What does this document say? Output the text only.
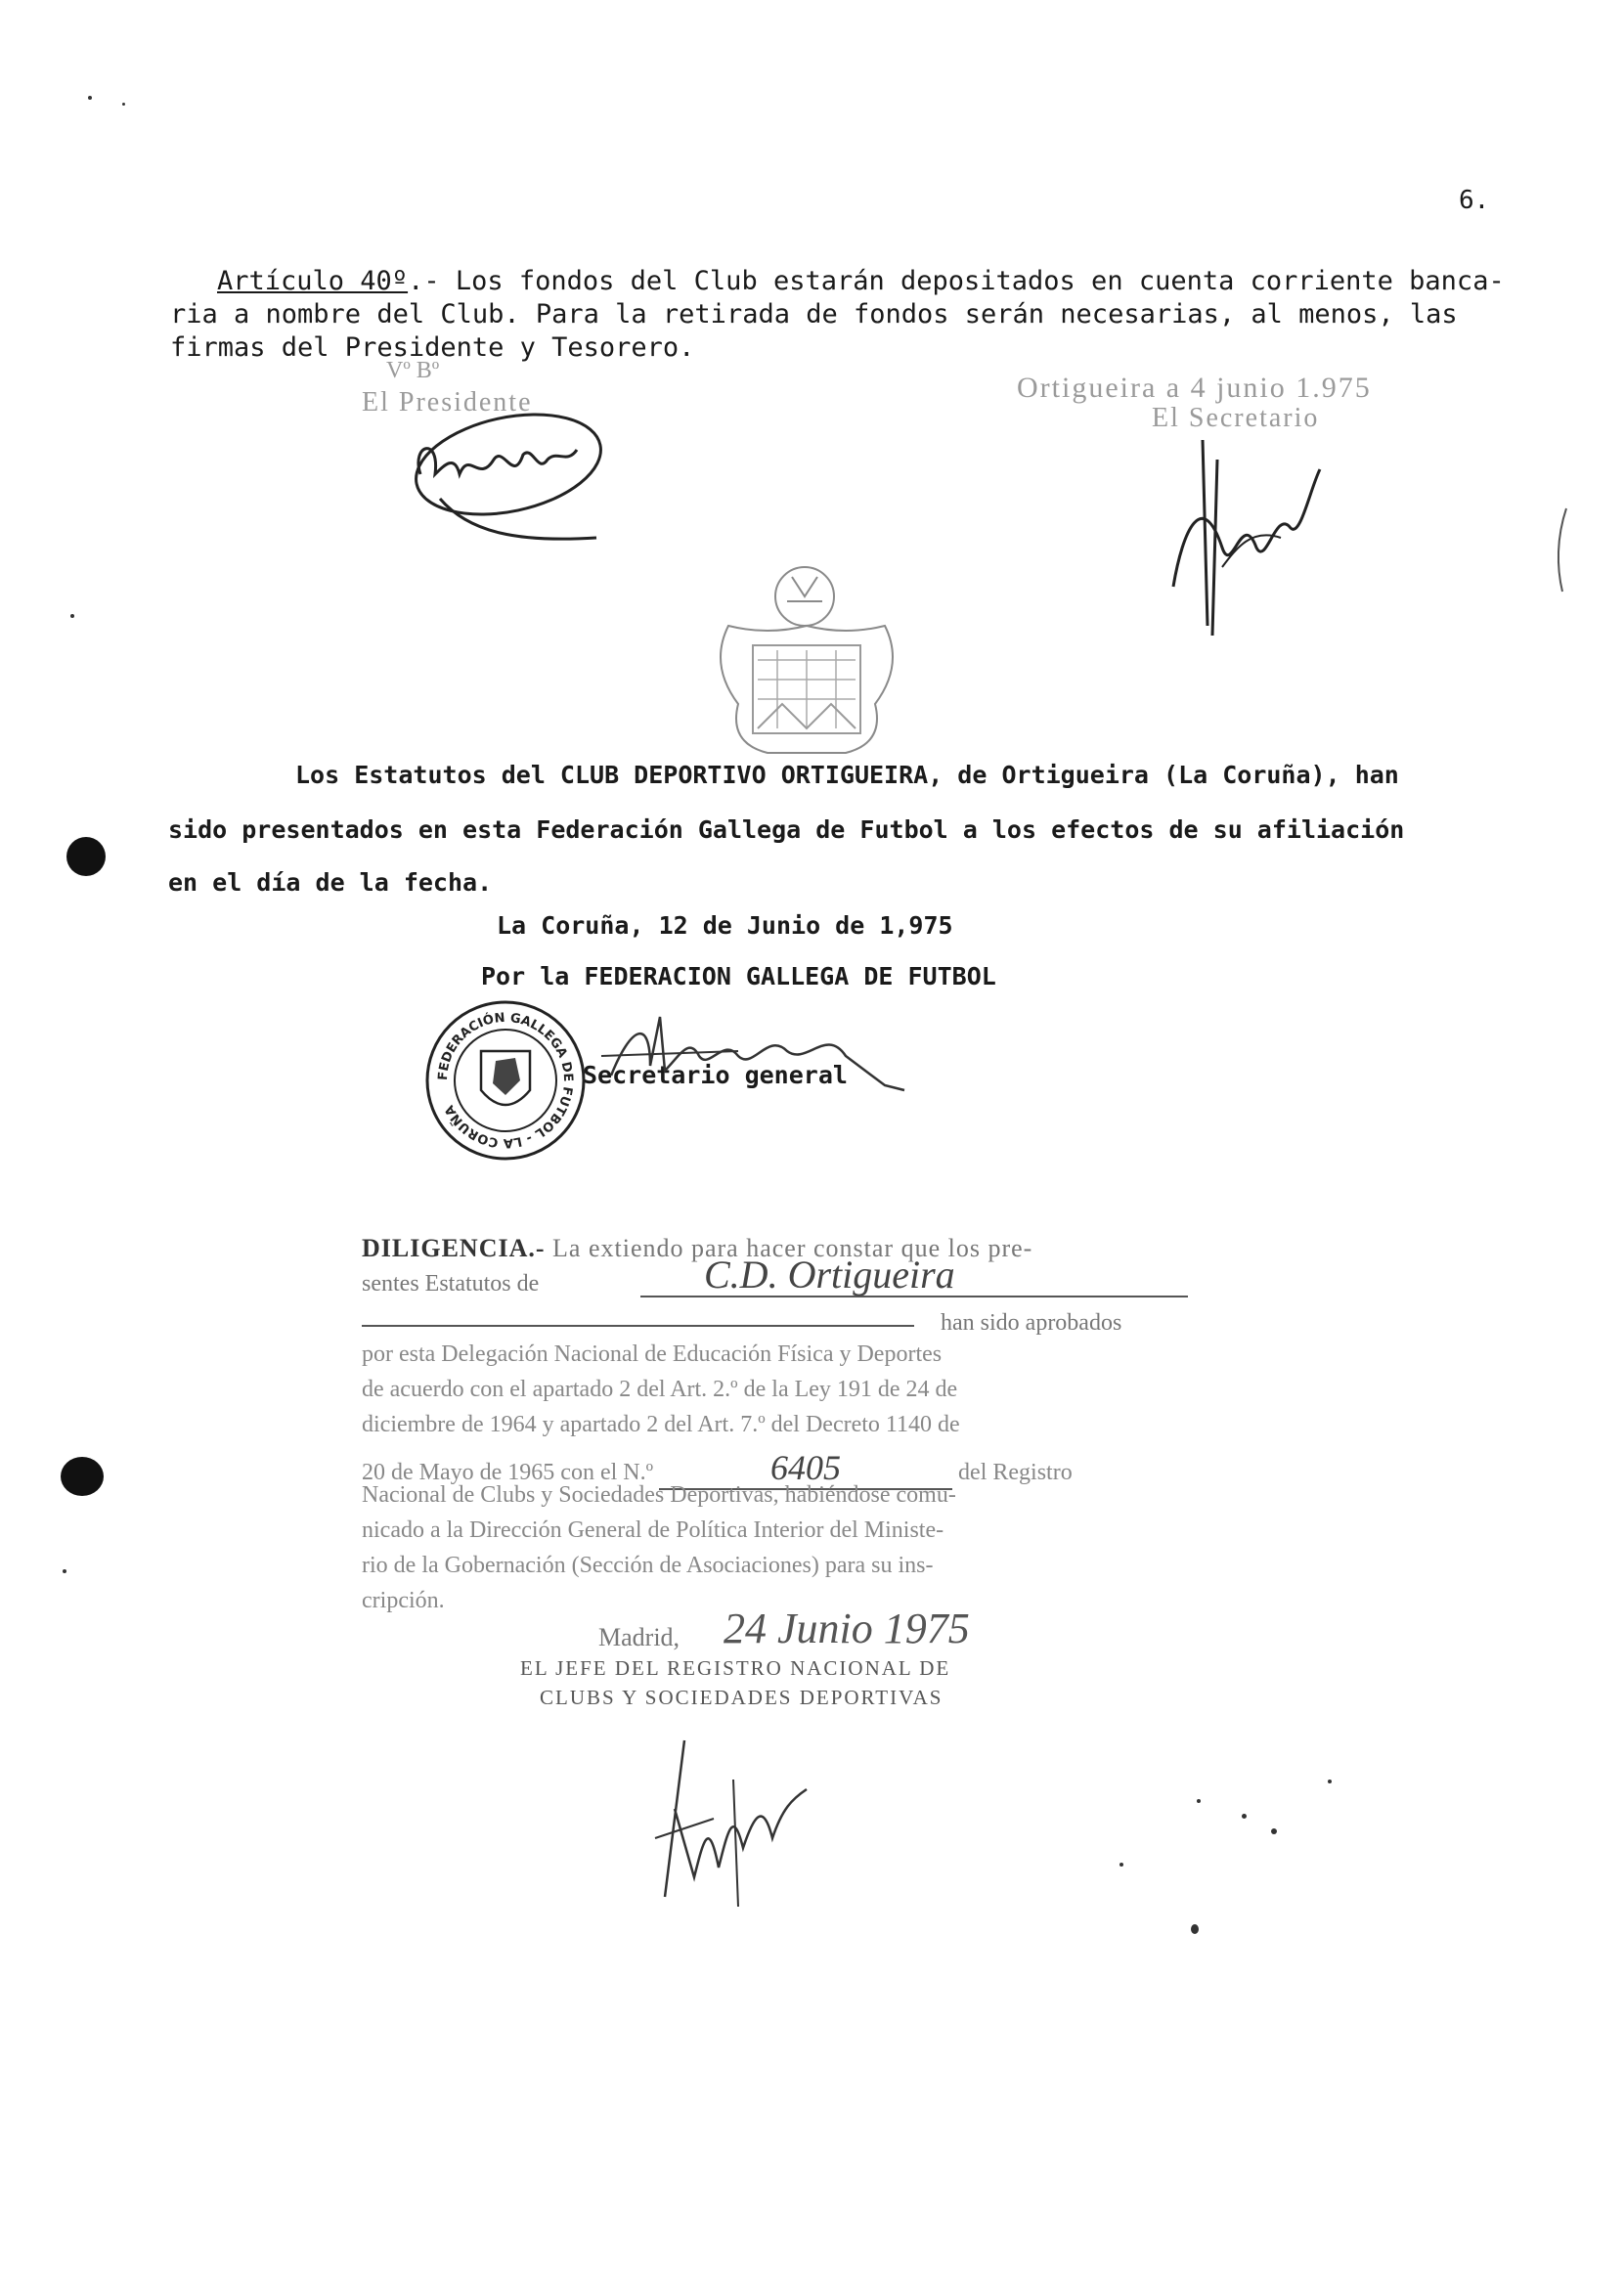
6.
Artículo 40º.- Los fondos del Club estarán depositados en cuenta corriente banca-
ria a nombre del Club. Para la retirada de fondos serán necesarias, al menos, las
firmas del Presidente y Tesorero.
Vº Bº
El Presidente	Ortigueira a 4 junio 1.975
El Secretario
Los Estatutos del CLUB DEPORTIVO ORTIGUEIRA, de Ortigueira (La Coruña), han
sido presentados en esta Federación Gallega de Futbol a los efectos de su afiliación
en el día de la fecha.
La Coruña, 12 de Junio de 1,975
Por la FEDERACION GALLEGA DE FUTBOL
Secretario general
FEDERACIÓN GALLEGA DE FUTBOL - LA CORUÑA
DILIGENCIA.- La extiendo para hacer constar que los pre-
sentes Estatutos de	C.D. Ortigueira
han sido aprobados
por esta Delegación Nacional de Educación Física y Deportes
de acuerdo con el apartado 2 del Art. 2.º de la Ley 191 de 24 de
diciembre de 1964 y apartado 2 del Art. 7.º del Decreto 1140 de
20 de Mayo de 1965 con el N.º	6405	del Registro
Nacional de Clubs y Sociedades Deportivas, habiéndose comu-
nicado a la Dirección General de Política Interior del Ministe-
rio de la Gobernación (Sección de Asociaciones) para su ins-
cripción.
Madrid, 24 Junio 1975
EL JEFE DEL REGISTRO NACIONAL DE
CLUBS Y SOCIEDADES DEPORTIVAS
